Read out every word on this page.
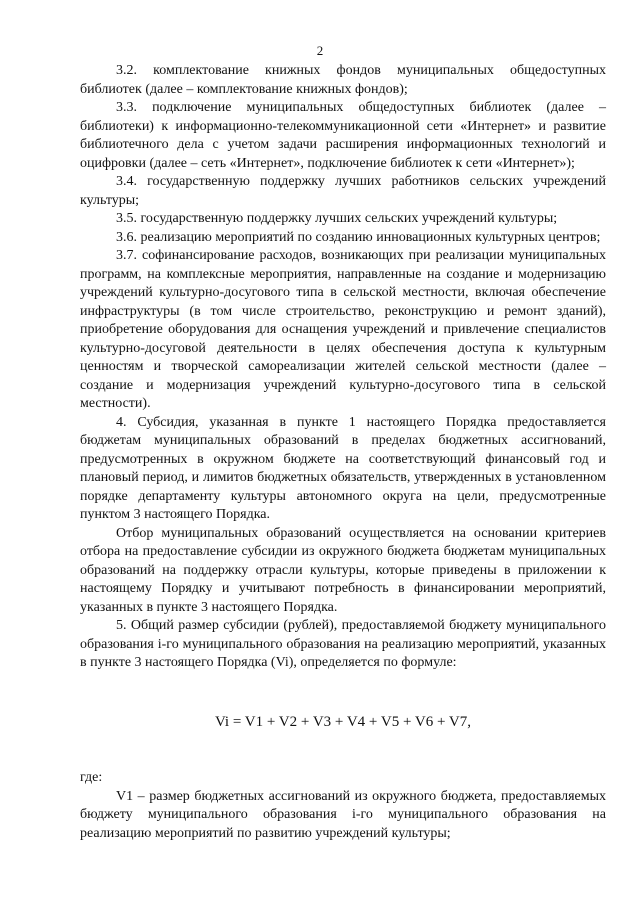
2

3.2. комплектование книжных фондов муниципальных общедоступных библиотек (далее – комплектование книжных фондов);

3.3. подключение муниципальных общедоступных библиотек (далее – библиотеки) к информационно-телекоммуникационной сети «Интернет» и развитие библиотечного дела с учетом задачи расширения информационных технологий и оцифровки (далее – сеть «Интернет», подключение библиотек к сети «Интернет»);

3.4. государственную поддержку лучших работников сельских учреждений культуры;

3.5. государственную поддержку лучших сельских учреждений культуры;

3.6. реализацию мероприятий по созданию инновационных культурных центров;

3.7. софинансирование расходов, возникающих при реализации муниципальных программ, на комплексные мероприятия, направленные на создание и модернизацию учреждений культурно-досугового типа в сельской местности, включая обеспечение инфраструктуры (в том числе строительство, реконструкцию и ремонт зданий), приобретение оборудования для оснащения учреждений и привлечение специалистов культурно-досуговой деятельности в целях обеспечения доступа к культурным ценностям и творческой самореализации жителей сельской местности (далее – создание и модернизация учреждений культурно-досугового типа в сельской местности).

4. Субсидия, указанная в пункте 1 настоящего Порядка предоставляется бюджетам муниципальных образований в пределах бюджетных ассигнований, предусмотренных в окружном бюджете на соответствующий финансовый год и плановый период, и лимитов бюджетных обязательств, утвержденных в установленном порядке департаменту культуры автономного округа на цели, предусмотренные пунктом 3 настоящего Порядка.

Отбор муниципальных образований осуществляется на основании критериев отбора на предоставление субсидии из окружного бюджета бюджетам муниципальных образований на поддержку отрасли культуры, которые приведены в приложении к настоящему Порядку и учитывают потребность в финансировании мероприятий, указанных в пункте 3 настоящего Порядка.

5. Общий размер субсидии (рублей), предоставляемой бюджету муниципального образования i-го муниципального образования на реализацию мероприятий, указанных в пункте 3 настоящего Порядка (Vi), определяется по формуле:

Vi = V1 + V2 + V3 + V4 + V5 + V6 + V7,

где:

V1 – размер бюджетных ассигнований из окружного бюджета, предоставляемых бюджету муниципального образования i-го муниципального образования на реализацию мероприятий по развитию учреждений культуры;
